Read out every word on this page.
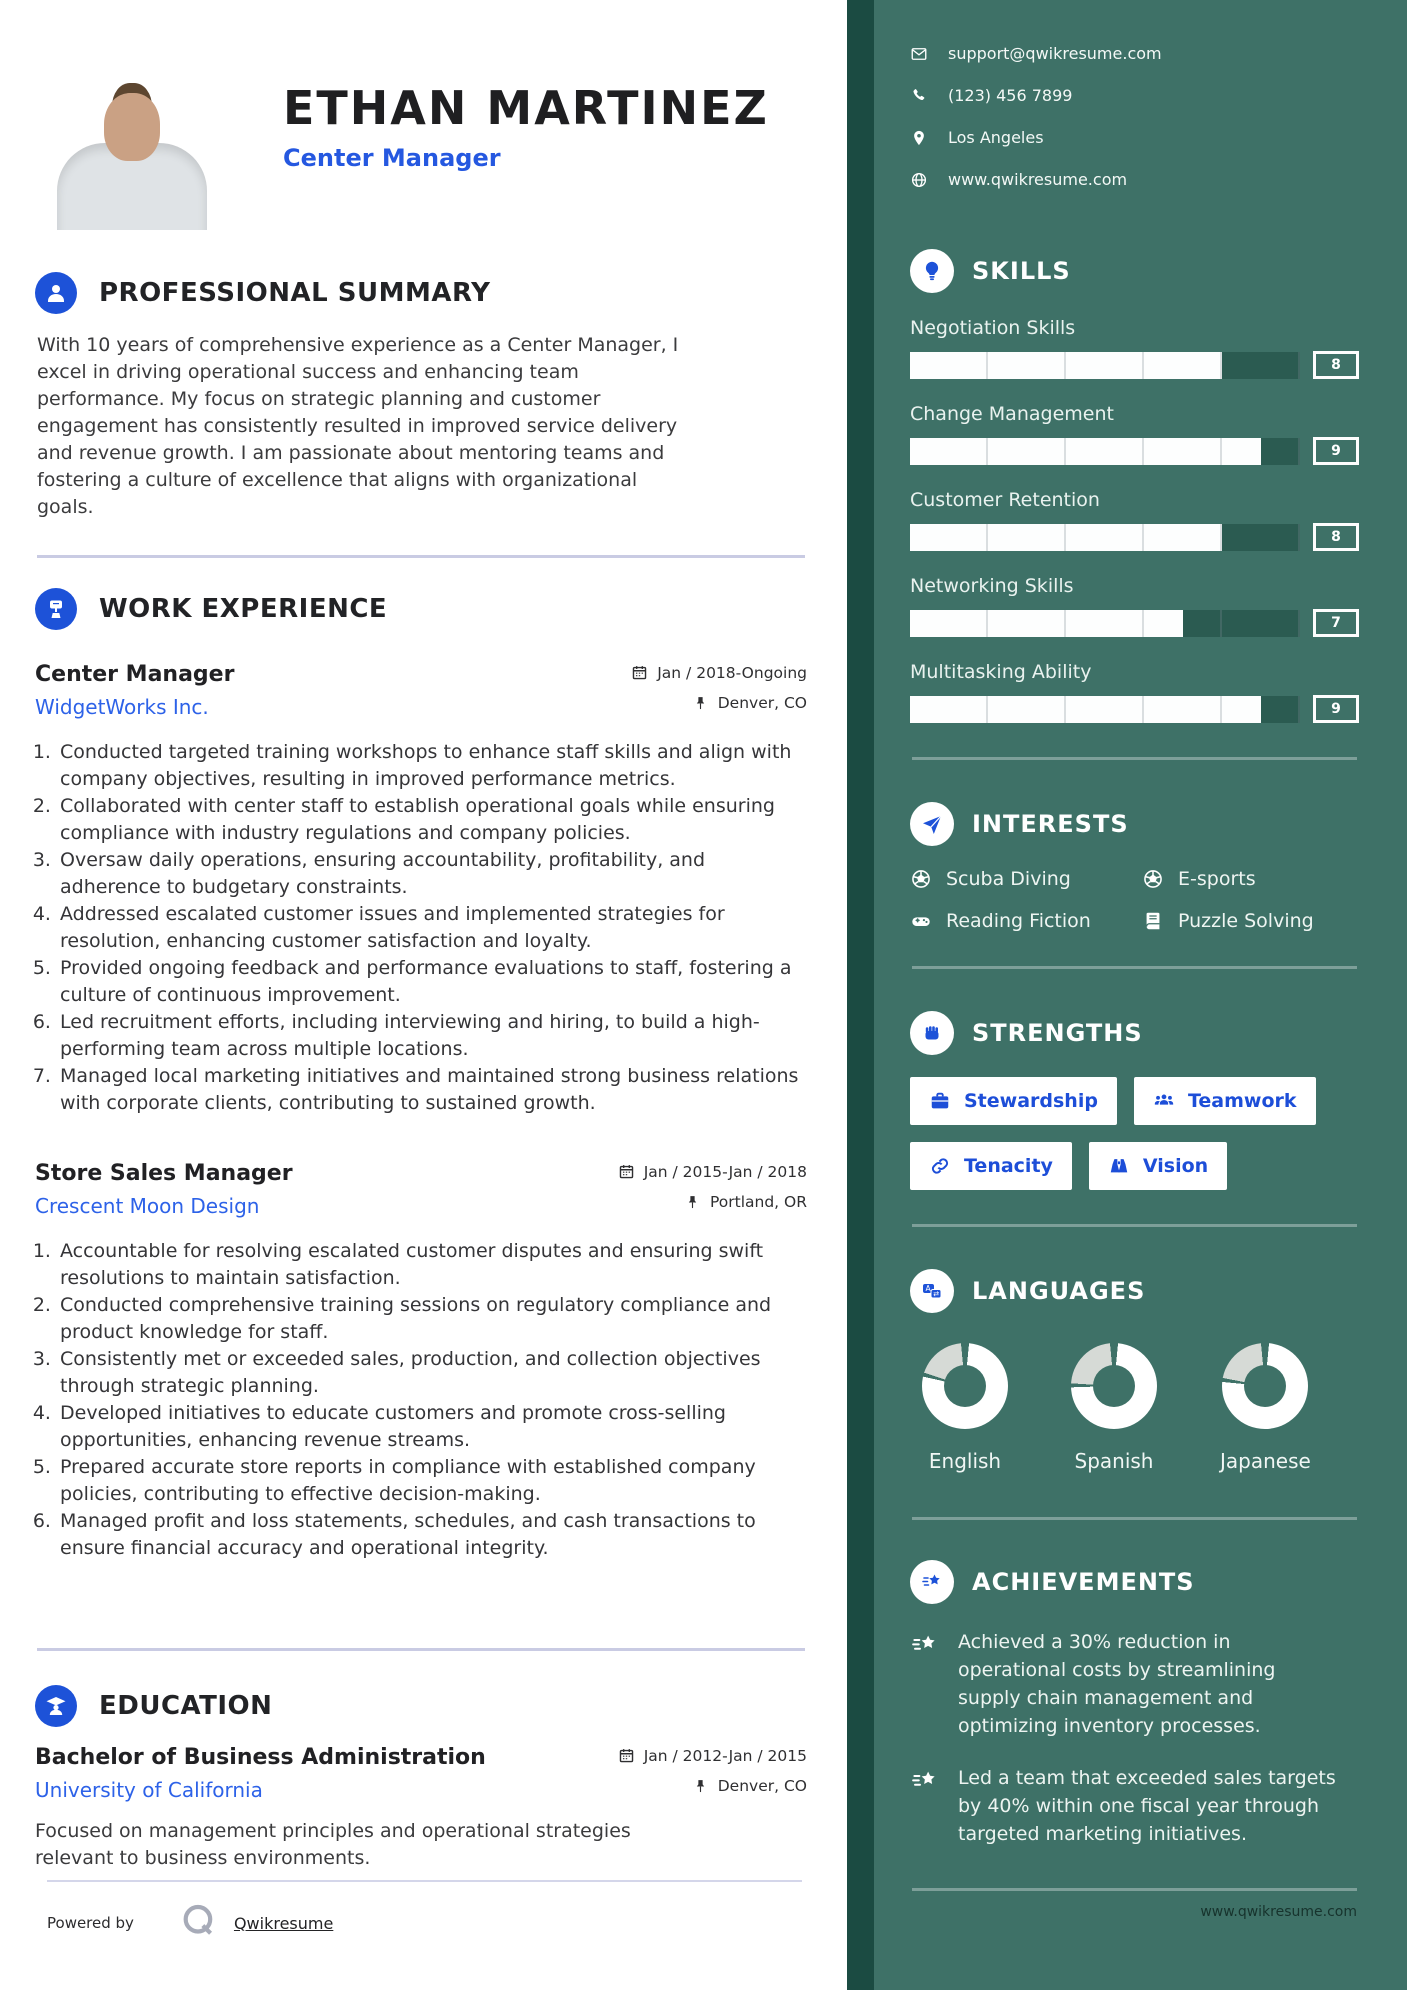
ETHAN MARTINEZ
Center Manager
PROFESSIONAL SUMMARY

With 10 years of comprehensive experience as a Center Manager, I excel in driving operational success and enhancing team performance. My focus on strategic planning and customer engagement has consistently resulted in improved service delivery and revenue growth. I am passionate about mentoring teams and fostering a culture of excellence that aligns with organizational goals.

WORK EXPERIENCE
Center Manager	Jan / 2018-Ongoing
WidgetWorks Inc.	Denver, CO
1. Conducted targeted training workshops to enhance staff skills and align with company objectives, resulting in improved performance metrics.
2. Collaborated with center staff to establish operational goals while ensuring compliance with industry regulations and company policies.
3. Oversaw daily operations, ensuring accountability, profitability, and adherence to budgetary constraints.
4. Addressed escalated customer issues and implemented strategies for resolution, enhancing customer satisfaction and loyalty.
5. Provided ongoing feedback and performance evaluations to staff, fostering a culture of continuous improvement.
6. Led recruitment efforts, including interviewing and hiring, to build a high-performing team across multiple locations.
7. Managed local marketing initiatives and maintained strong business relations with corporate clients, contributing to sustained growth.
Store Sales Manager	Jan / 2015-Jan / 2018
Crescent Moon Design	Portland, OR
1. Accountable for resolving escalated customer disputes and ensuring swift resolutions to maintain satisfaction.
2. Conducted comprehensive training sessions on regulatory compliance and product knowledge for staff.
3. Consistently met or exceeded sales, production, and collection objectives through strategic planning.
4. Developed initiatives to educate customers and promote cross-selling opportunities, enhancing revenue streams.
5. Prepared accurate store reports in compliance with established company policies, contributing to effective decision-making.
6. Managed profit and loss statements, schedules, and cash transactions to ensure financial accuracy and operational integrity.
EDUCATION
Bachelor of Business Administration	Jan / 2012-Jan / 2015
University of California	Denver, CO

Focused on management principles and operational strategies relevant to business environments.

Powered by	Qwikresume
support@qwikresume.com
(123) 456 7899
Los Angeles
www.qwikresume.com
SKILLS
Negotiation Skills
8
Change Management
9
Customer Retention
8
Networking Skills
7
Multitasking Ability
9
INTERESTS
Scuba Diving	E-sports
Reading Fiction	Puzzle Solving
STRENGTHS
Stewardship	Teamwork
Tenacity	Vision
A
⇄ LANGUAGES
English	Spanish	Japanese
ACHIEVEMENTS
Achieved a 30% reduction in operational costs by streamlining supply chain management and optimizing inventory processes.
Led a team that exceeded sales targets by 40% within one fiscal year through targeted marketing initiatives.
www.qwikresume.com
